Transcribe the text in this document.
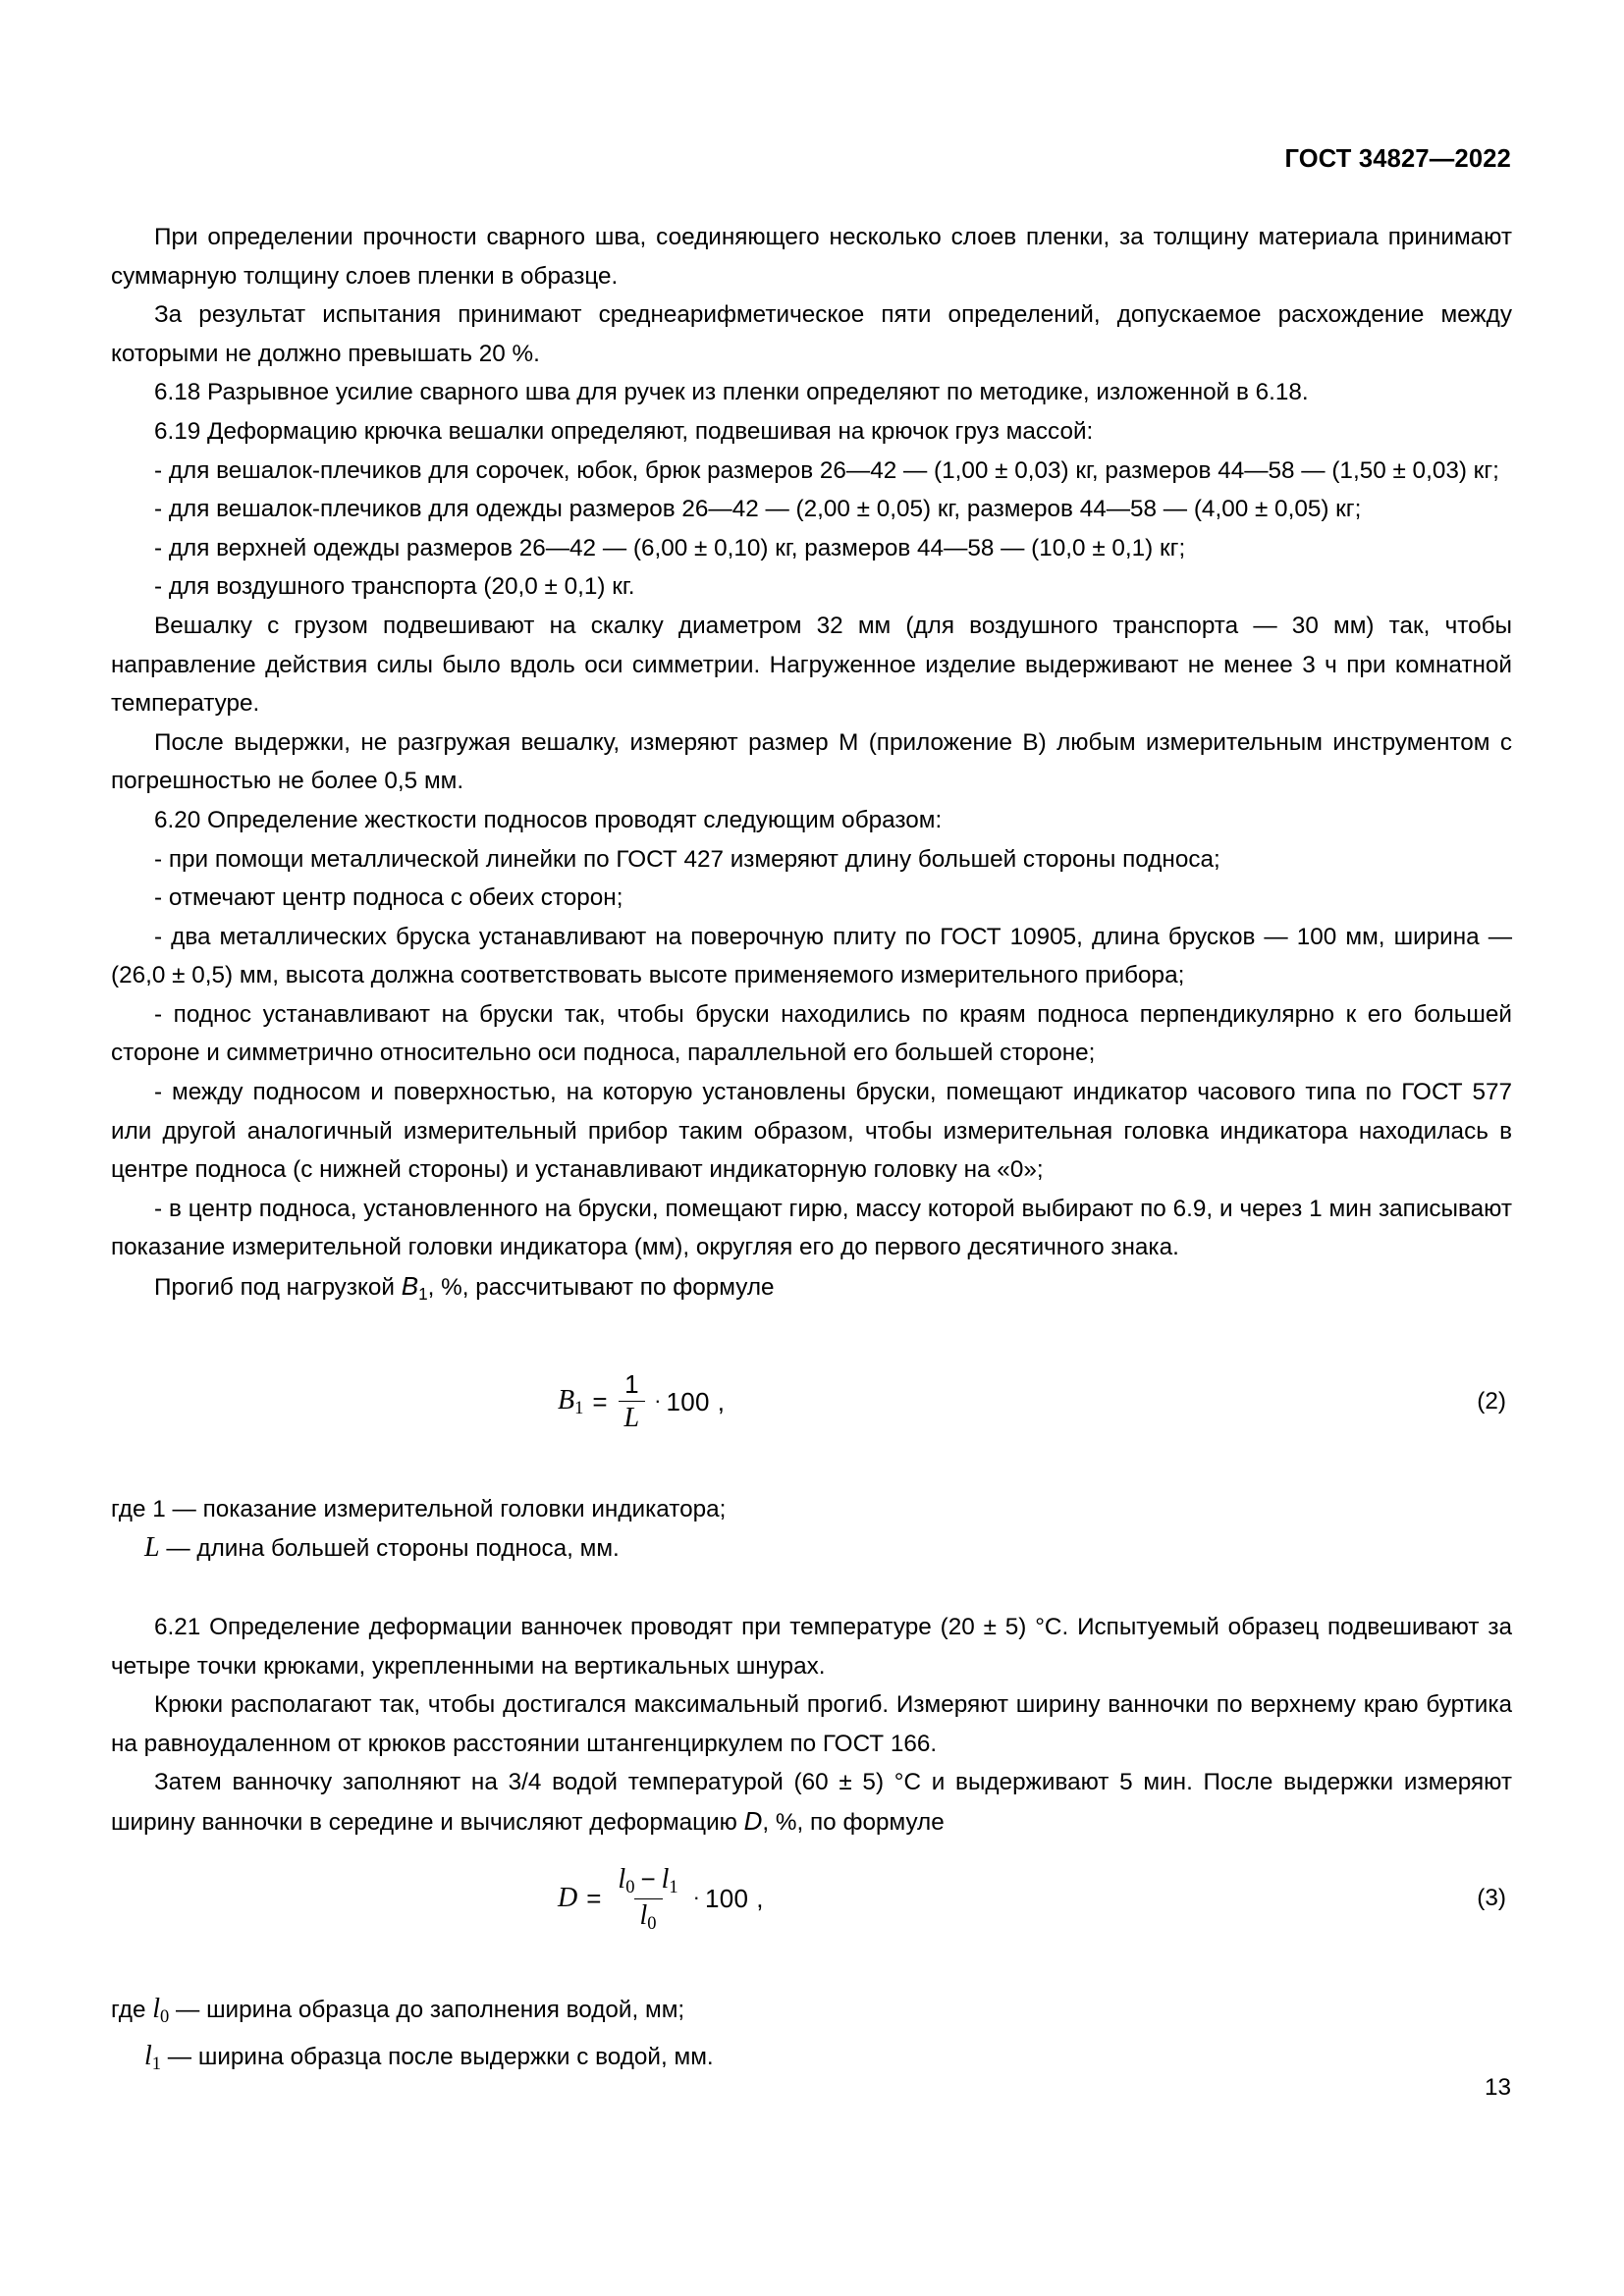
ГОСТ 34827—2022

При определении прочности сварного шва, соединяющего несколько слоев пленки, за толщину материала принимают суммарную толщину слоев пленки в образце.

За результат испытания принимают среднеарифметическое пяти определений, допускаемое расхождение между которыми не должно превышать 20 %.

6.18 Разрывное усилие сварного шва для ручек из пленки определяют по методике, изложенной в 6.18.

6.19 Деформацию крючка вешалки определяют, подвешивая на крючок груз массой:

- для вешалок-плечиков для сорочек, юбок, брюк размеров 26—42 — (1,00 ± 0,03) кг, размеров 44—58 — (1,50 ± 0,03) кг;

- для вешалок-плечиков для одежды размеров 26—42 — (2,00 ± 0,05) кг, размеров 44—58 — (4,00 ± 0,05) кг;

- для верхней одежды размеров 26—42 — (6,00 ± 0,10) кг, размеров 44—58 — (10,0 ± 0,1) кг;

- для воздушного транспорта (20,0 ± 0,1) кг.

Вешалку с грузом подвешивают на скалку диаметром 32 мм (для воздушного транспорта — 30 мм) так, чтобы направление действия силы было вдоль оси симметрии. Нагруженное изделие выдерживают не менее 3 ч при комнатной температуре.

После выдержки, не разгружая вешалку, измеряют размер М (приложение В) любым измерительным инструментом с погрешностью не более 0,5 мм.

6.20 Определение жесткости подносов проводят следующим образом:

- при помощи металлической линейки по ГОСТ 427 измеряют длину большей стороны подноса;

- отмечают центр подноса с обеих сторон;

- два металлических бруска устанавливают на поверочную плиту по ГОСТ 10905, длина брусков — 100 мм, ширина — (26,0 ± 0,5) мм, высота должна соответствовать высоте применяемого измерительного прибора;

- поднос устанавливают на бруски так, чтобы бруски находились по краям подноса перпендикулярно к его большей стороне и симметрично относительно оси подноса, параллельной его большей стороне;

- между подносом и поверхностью, на которую установлены бруски, помещают индикатор часового типа по ГОСТ 577 или другой аналогичный измерительный прибор таким образом, чтобы измерительная головка индикатора находилась в центре подноса (с нижней стороны) и устанавливают индикаторную головку на «0»;

- в центр подноса, установленного на бруски, помещают гирю, массу которой выбирают по 6.9, и через 1 мин записывают показание измерительной головки индикатора (мм), округляя его до первого десятичного знака.

Прогиб под нагрузкой $B_1$, %, рассчитывают по формуле

$B_1 = \frac{1}{L} \cdot 100$ ,	(2)
где 1 — показание измерительной головки индикатора;
L — длина большей стороны подноса, мм.

6.21 Определение деформации ванночек проводят при температуре (20 ± 5) °С. Испытуемый образец подвешивают за четыре точки крюками, укрепленными на вертикальных шнурах.

Крюки располагают так, чтобы достигался максимальный прогиб. Измеряют ширину ванночки по верхнему краю буртика на равноудаленном от крюков расстоянии штангенциркулем по ГОСТ 166.

Затем ванночку заполняют на 3/4 водой температурой (60 ± 5) °С и выдерживают 5 мин. После выдержки измеряют ширину ванночки в середине и вычисляют деформацию D, %, по формуле

$D = \frac{l_0 - l_1}{l_0} \cdot 100$ ,	(3)
где $l_0$ — ширина образца до заполнения водой, мм;
$l_1$ — ширина образца после выдержки с водой, мм.
13
